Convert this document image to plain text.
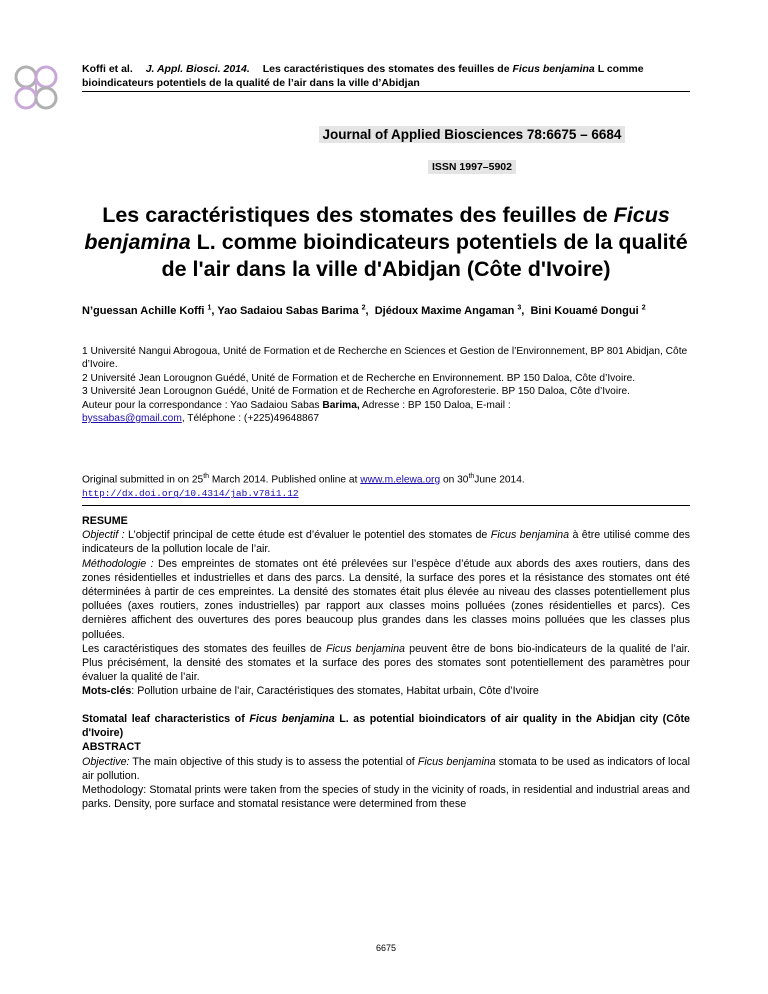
Koffi et al. J. Appl. Biosci. 2014. Les caractéristiques des stomates des feuilles de Ficus benjamina L comme bioindicateurs potentiels de la qualité de l’air dans la ville d’Abidjan
Journal of Applied Biosciences 78:6675 – 6684
ISSN 1997–5902
Les caractéristiques des stomates des feuilles de Ficus
benjamina L. comme bioindicateurs potentiels de la qualité de l'air dans la ville d'Abidjan (Côte d'Ivoire)
N’guessan Achille Koffi $^1$, Yao Sadaiou Sabas Barima $^2$, Djédoux Maxime Angaman $^3$, Bini Kouamé Dongui $^2$

1 Université Nangui Abrogoua, Unité de Formation et de Recherche en Sciences et Gestion de l’Environnement, BP 801 Abidjan, Côte d’Ivoire.

2 Université Jean Lorougnon Guédé, Unité de Formation et de Recherche en Environnement. BP 150 Daloa, Côte d’Ivoire.

3 Université Jean Lorougnon Guédé, Unité de Formation et de Recherche en Agroforesterie. BP 150 Daloa, Côte d’Ivoire.

Auteur pour la correspondance : Yao Sadaiou Sabas Barima, Adresse : BP 150 Daloa, E-mail :
byssabas@gmail.com, Téléphone : (+225)49648867

Original submitted in on 25th March 2014. Published online at www.m.elewa.org on 30thJune 2014.
http://dx.doi.org/10.4314/jab.v78i1.12

RESUME

Objectif : L’objectif principal de cette étude est d’évaluer le potentiel des stomates de Ficus benjamina à être utilisé comme des indicateurs de la pollution locale de l’air.

Méthodologie : Des empreintes de stomates ont été prélevées sur l’espèce d’étude aux abords des axes routiers, dans des zones résidentielles et industrielles et dans des parcs. La densité, la surface des pores et la résistance des stomates ont été déterminées à partir de ces empreintes. La densité des stomates était plus élevée au niveau des classes potentiellement plus polluées (axes routiers, zones industrielles) par rapport aux classes moins polluées (zones résidentielles et parcs). Ces dernières affichent des ouvertures des pores beaucoup plus grandes dans les classes moins polluées que les classes plus polluées.

Les caractéristiques des stomates des feuilles de Ficus benjamina peuvent être de bons bio-indicateurs de la qualité de l’air. Plus précisément, la densité des stomates et la surface des pores des stomates sont potentiellement des paramètres pour évaluer la qualité de l’air.

Mots-clés: Pollution urbaine de l’air, Caractéristiques des stomates, Habitat urbain, Côte d’Ivoire

Stomatal leaf characteristics of Ficus benjamina L. as potential bioindicators of air quality in the Abidjan city (Côte d'Ivoire)

ABSTRACT

Objective: The main objective of this study is to assess the potential of Ficus benjamina stomata to be used as indicators of local air pollution.

Methodology: Stomatal prints were taken from the species of study in the vicinity of roads, in residential and industrial areas and parks. Density, pore surface and stomatal resistance were determined from these

6675
